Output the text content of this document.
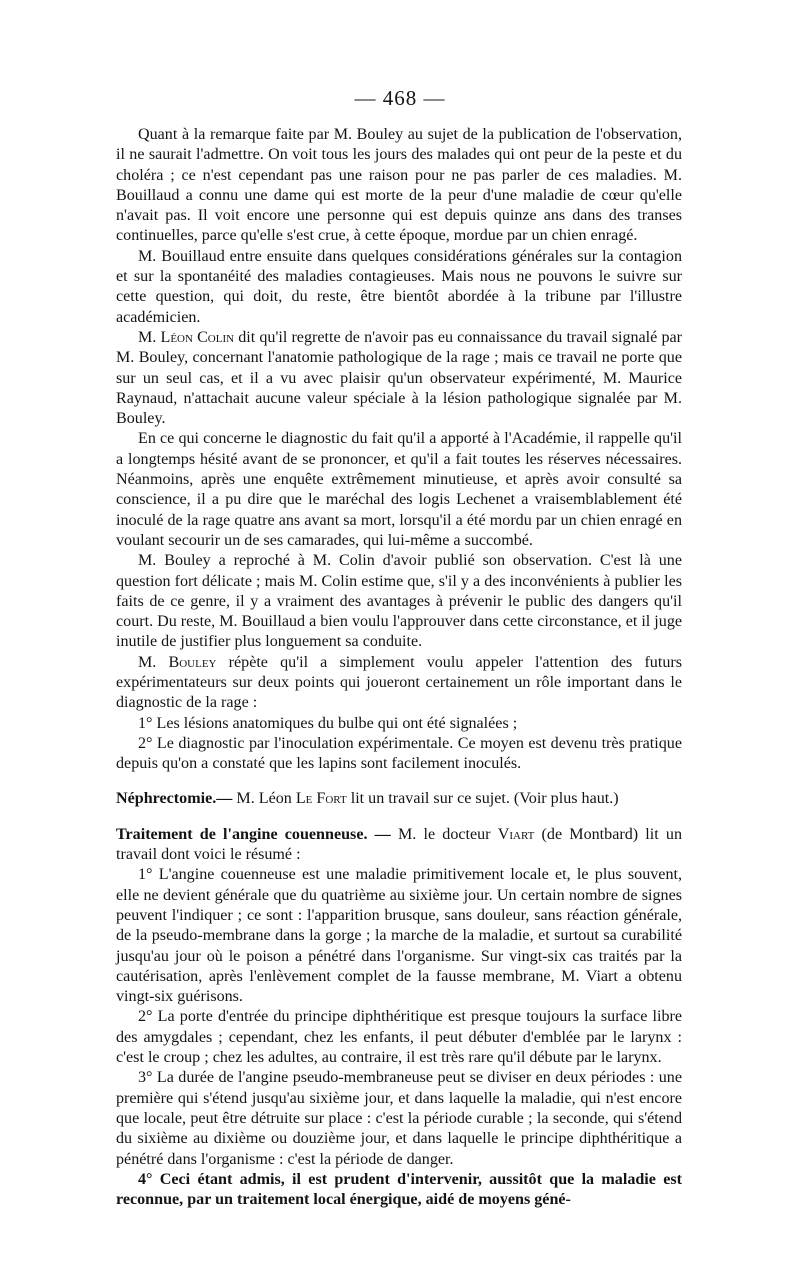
— 468 —

Quant à la remarque faite par M. Bouley au sujet de la publication de l'observation, il ne saurait l'admettre. On voit tous les jours des malades qui ont peur de la peste et du choléra ; ce n'est cependant pas une raison pour ne pas parler de ces maladies. M. Bouillaud a connu une dame qui est morte de la peur d'une maladie de cœur qu'elle n'avait pas. Il voit encore une personne qui est depuis quinze ans dans des transes continuelles, parce qu'elle s'est crue, à cette époque, mordue par un chien enragé.

M. Bouillaud entre ensuite dans quelques considérations générales sur la contagion et sur la spontanéité des maladies contagieuses. Mais nous ne pouvons le suivre sur cette question, qui doit, du reste, être bientôt abordée à la tribune par l'illustre académicien.

M. Léon Colin dit qu'il regrette de n'avoir pas eu connaissance du travail signalé par M. Bouley, concernant l'anatomie pathologique de la rage ; mais ce travail ne porte que sur un seul cas, et il a vu avec plaisir qu'un observateur expérimenté, M. Maurice Raynaud, n'attachait aucune valeur spéciale à la lésion pathologique signalée par M. Bouley.

En ce qui concerne le diagnostic du fait qu'il a apporté à l'Académie, il rappelle qu'il a longtemps hésité avant de se prononcer, et qu'il a fait toutes les réserves nécessaires. Néanmoins, après une enquête extrêmement minutieuse, et après avoir consulté sa conscience, il a pu dire que le maréchal des logis Lechenet a vraisemblablement été inoculé de la rage quatre ans avant sa mort, lorsqu'il a été mordu par un chien enragé en voulant secourir un de ses camarades, qui lui-même a succombé.

M. Bouley a reproché à M. Colin d'avoir publié son observation. C'est là une question fort délicate ; mais M. Colin estime que, s'il y a des inconvénients à publier les faits de ce genre, il y a vraiment des avantages à prévenir le public des dangers qu'il court. Du reste, M. Bouillaud a bien voulu l'approuver dans cette circonstance, et il juge inutile de justifier plus longuement sa conduite.

M. Bouley répète qu'il a simplement voulu appeler l'attention des futurs expérimentateurs sur deux points qui joueront certainement un rôle important dans le diagnostic de la rage :

1° Les lésions anatomiques du bulbe qui ont été signalées ;

2° Le diagnostic par l'inoculation expérimentale. Ce moyen est devenu très pratique depuis qu'on a constaté que les lapins sont facilement inoculés.

Néphrectomie.— M. Léon Le Fort lit un travail sur ce sujet. (Voir plus haut.)

Traitement de l'angine couenneuse. — M. le docteur Viart (de Montbard) lit un travail dont voici le résumé :

1° L'angine couenneuse est une maladie primitivement locale et, le plus souvent, elle ne devient générale que du quatrième au sixième jour. Un certain nombre de signes peuvent l'indiquer ; ce sont : l'apparition brusque, sans douleur, sans réaction générale, de la pseudo-membrane dans la gorge ; la marche de la maladie, et surtout sa curabilité jusqu'au jour où le poison a pénétré dans l'organisme. Sur vingt-six cas traités par la cautérisation, après l'enlèvement complet de la fausse membrane, M. Viart a obtenu vingt-six guérisons.

2° La porte d'entrée du principe diphthéritique est presque toujours la surface libre des amygdales ; cependant, chez les enfants, il peut débuter d'emblée par le larynx : c'est le croup ; chez les adultes, au contraire, il est très rare qu'il débute par le larynx.

3° La durée de l'angine pseudo-membraneuse peut se diviser en deux périodes : une première qui s'étend jusqu'au sixième jour, et dans laquelle la maladie, qui n'est encore que locale, peut être détruite sur place : c'est la période curable ; la seconde, qui s'étend du sixième au dixième ou douzième jour, et dans laquelle le principe diphthéritique a pénétré dans l'organisme : c'est la période de danger.

4° Ceci étant admis, il est prudent d'intervenir, aussitôt que la maladie est reconnue, par un traitement local énergique, aidé de moyens géné-
